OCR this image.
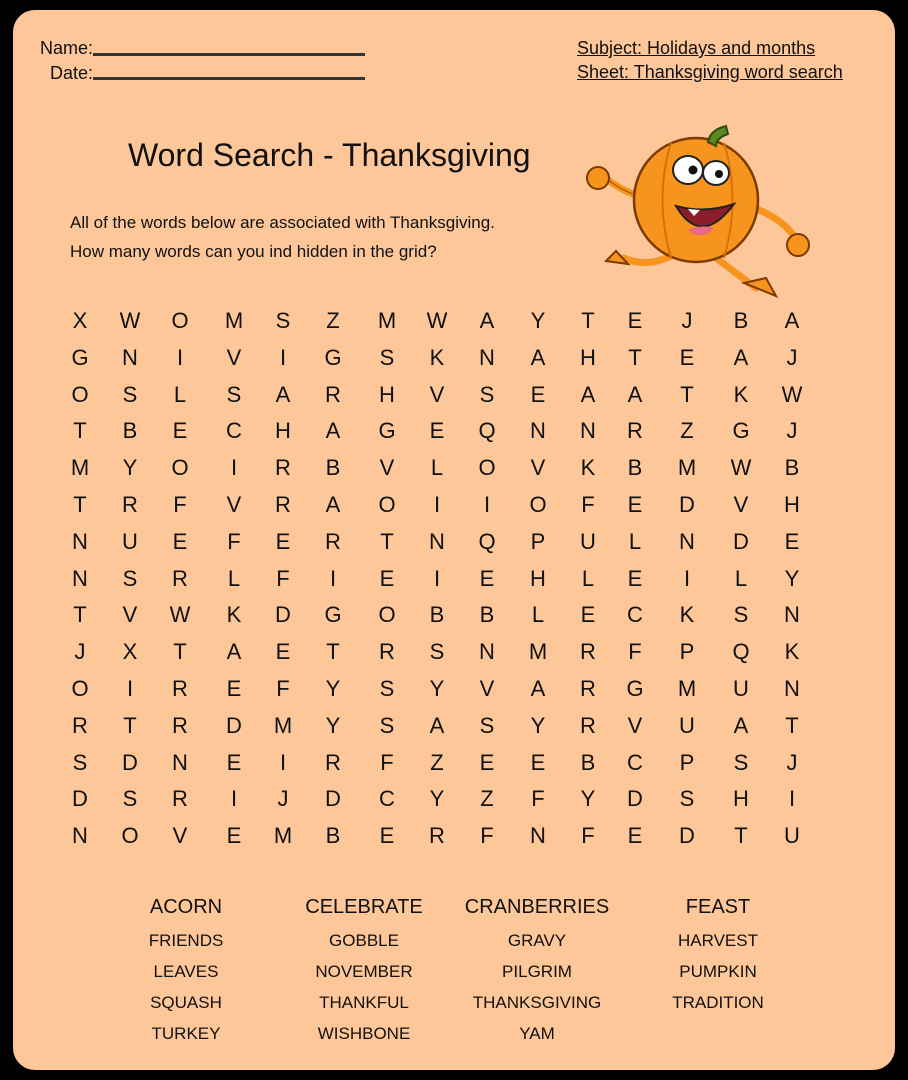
Name:
Date:
Subject: Holidays and months
Sheet: Thanksgiving word search
Word Search - Thanksgiving
All of the words below are associated with Thanksgiving.
How many words can you ind hidden in the grid?
X	W	O	M	S	Z	M	W	A	Y	T	E	J	B	A
G	N	I	V	I	G	S	K	N	A	H	T	E	A	J
O	S	L	S	A	R	H	V	S	E	A	A	T	K	W
T	B	E	C	H	A	G	E	Q	N	N	R	Z	G	J
M	Y	O	I	R	B	V	L	O	V	K	B	M	W	B
T	R	F	V	R	A	O	I	I	O	F	E	D	V	H
N	U	E	F	E	R	T	N	Q	P	U	L	N	D	E
N	S	R	L	F	I	E	I	E	H	L	E	I	L	Y
T	V	W	K	D	G	O	B	B	L	E	C	K	S	N
J	X	T	A	E	T	R	S	N	M	R	F	P	Q	K
O	I	R	E	F	Y	S	Y	V	A	R	G	M	U	N
R	T	R	D	M	Y	S	A	S	Y	R	V	U	A	T
S	D	N	E	I	R	F	Z	E	E	B	C	P	S	J
D	S	R	I	J	D	C	Y	Z	F	Y	D	S	H	I
N	O	V	E	M	B	E	R	F	N	F	E	D	T	U
ACORN	CELEBRATE	CRANBERRIES	FEAST
FRIENDS	GOBBLE	GRAVY	HARVEST
LEAVES	NOVEMBER	PILGRIM	PUMPKIN
SQUASH	THANKFUL	THANKSGIVING	TRADITION
TURKEY	WISHBONE	YAM
